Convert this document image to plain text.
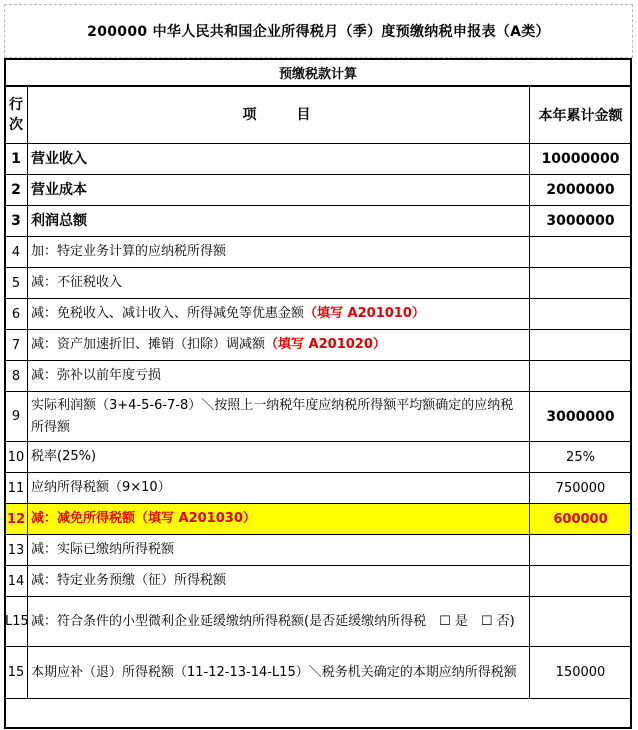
200000 中华人民共和国企业所得税月（季）度预缴纳税申报表（A类）
预缴税款计算
行次	项　　目	本年累计金额
1	营业收入	10000000
2	营业成本	2000000
3	利润总额	3000000
4	加：特定业务计算的应纳税所得额	
5	减：不征税收入	
6	减：免税收入、减计收入、所得减免等优惠金额（填写 A201010）	
7	减：资产加速折旧、摊销（扣除）调减额（填写 A201020）	
8	减：弥补以前年度亏损	
9	实际利润额（3+4-5-6-7-8）＼按照上一纳税年度应纳税所得额平均额确定的应纳税所得额	3000000
10	税率(25%)	25%
11	应纳所得税额（9×10）	750000
12	减：减免所得税额（填写 A201030）	600000
13	减：实际已缴纳所得税额	
14	减：特定业务预缴（征）所得税额	
L15	减：符合条件的小型微利企业延缓缴纳所得税额(是否延缓缴纳所得税　☐ 是　☐ 否)	
15	本期应补（退）所得税额（11-12-13-14-L15）＼税务机关确定的本期应纳所得税额	150000
